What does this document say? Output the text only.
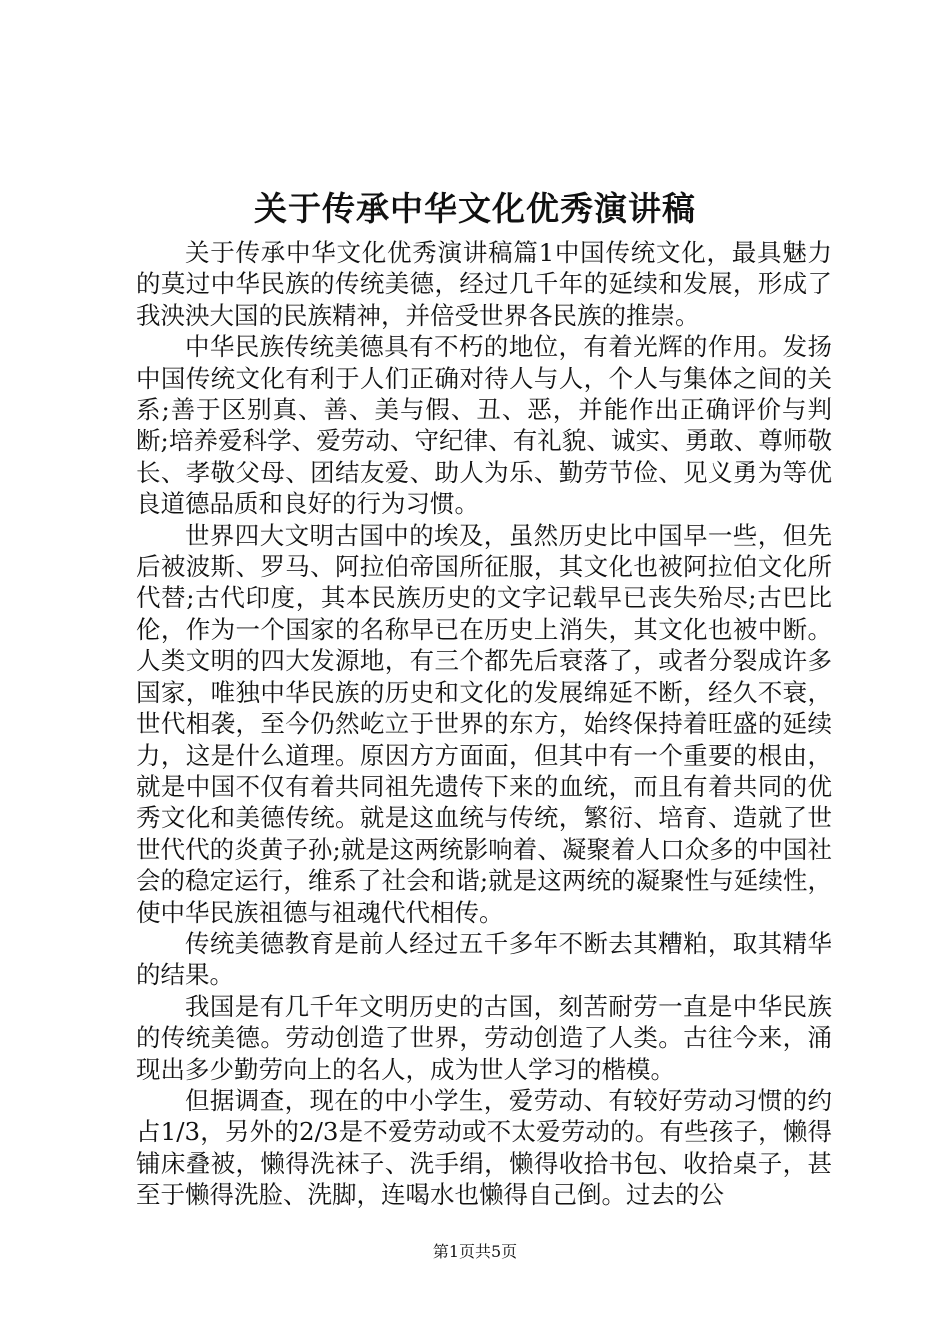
关于传承中华文化优秀演讲稿

关于传承中华文化优秀演讲稿篇1中国传统文化，最具魅力的莫过中华民族的传统美德，经过几千年的延续和发展，形成了我泱泱大国的民族精神，并倍受世界各民族的推崇。

中华民族传统美德具有不朽的地位，有着光辉的作用。发扬中国传统文化有利于人们正确对待人与人，个人与集体之间的关系;善于区别真、善、美与假、丑、恶，并能作出正确评价与判断;培养爱科学、爱劳动、守纪律、有礼貌、诚实、勇敢、尊师敬长、孝敬父母、团结友爱、助人为乐、勤劳节俭、见义勇为等优良道德品质和良好的行为习惯。

世界四大文明古国中的埃及，虽然历史比中国早一些，但先后被波斯、罗马、阿拉伯帝国所征服，其文化也被阿拉伯文化所代替;古代印度，其本民族历史的文字记载早已丧失殆尽;古巴比伦，作为一个国家的名称早已在历史上消失，其文化也被中断。人类文明的四大发源地，有三个都先后衰落了，或者分裂成许多国家，唯独中华民族的历史和文化的发展绵延不断，经久不衰，世代相袭，至今仍然屹立于世界的东方，始终保持着旺盛的延续力，这是什么道理。原因方方面面，但其中有一个重要的根由，就是中国不仅有着共同祖先遗传下来的血统，而且有着共同的优秀文化和美德传统。就是这血统与传统，繁衍、培育、造就了世世代代的炎黄子孙;就是这两统影响着、凝聚着人口众多的中国社会的稳定运行，维系了社会和谐;就是这两统的凝聚性与延续性，使中华民族祖德与祖魂代代相传。

传统美德教育是前人经过五千多年不断去其糟粕，取其精华的结果。

我国是有几千年文明历史的古国，刻苦耐劳一直是中华民族的传统美德。劳动创造了世界，劳动创造了人类。古往今来，涌现出多少勤劳向上的名人，成为世人学习的楷模。

但据调查，现在的中小学生，爱劳动、有较好劳动习惯的约占1/3，另外的2/3是不爱劳动或不太爱劳动的。有些孩子，懒得铺床叠被，懒得洗袜子、洗手绢，懒得收拾书包、收拾桌子，甚至于懒得洗脸、洗脚，连喝水也懒得自己倒。过去的公

第1页共5页
